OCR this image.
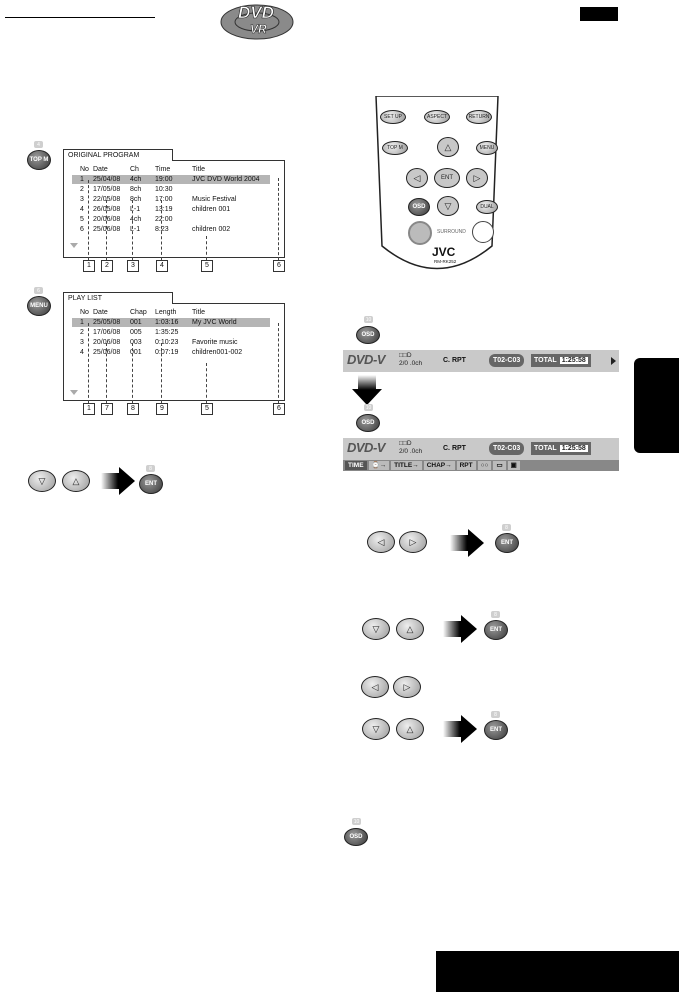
DVD
VR
4
TOP M
No Date	Ch Time	Title
1 25/04/08 4ch 19:00	JVC DVD World 2004
2 17/05/08 8ch 10:30
3 22/05/08 8ch 17:00	Music Festival
4 26/05/08 L-1 13:19	children 001
5 20/06/08 4ch 22:00
6 25/06/08 L-1 8:23	children 002
ORIGINAL PROGRAM
1	2	3	4	5	6
6
MENU
No Date	Chap Length Title
1 25/05/08 001 1:03:16 My JVC World
2 17/06/08 005 1:35:25
3 20/06/08 003 0:10:23 Favorite music
4 25/06/08 001 0:07:19 children001-002
PLAY LIST
1	7	8	9	5	6
▽	△
8
ENT
SET UP	ASPECT	RETURN
TOP M	△	MENU
◁	ENT ▷
OSD	▽	DUAL
SURROUND
JVC
RM-RK252
10
OSD
DVD-V □□D
2/0 .0ch	C. RPT	T02-C03	TOTAL 1:25:58
10
OSD
DVD-V □□D
2/0 .0ch	C. RPT	T02-C03	TOTAL 1:25:58
TIME	⌚→	TITLE→	CHAP→	RPT	○○	▭	▣
◁	▷
8
ENT
▽	△
8
ENT
◁	▷
▽	△
8
ENT
10
OSD
